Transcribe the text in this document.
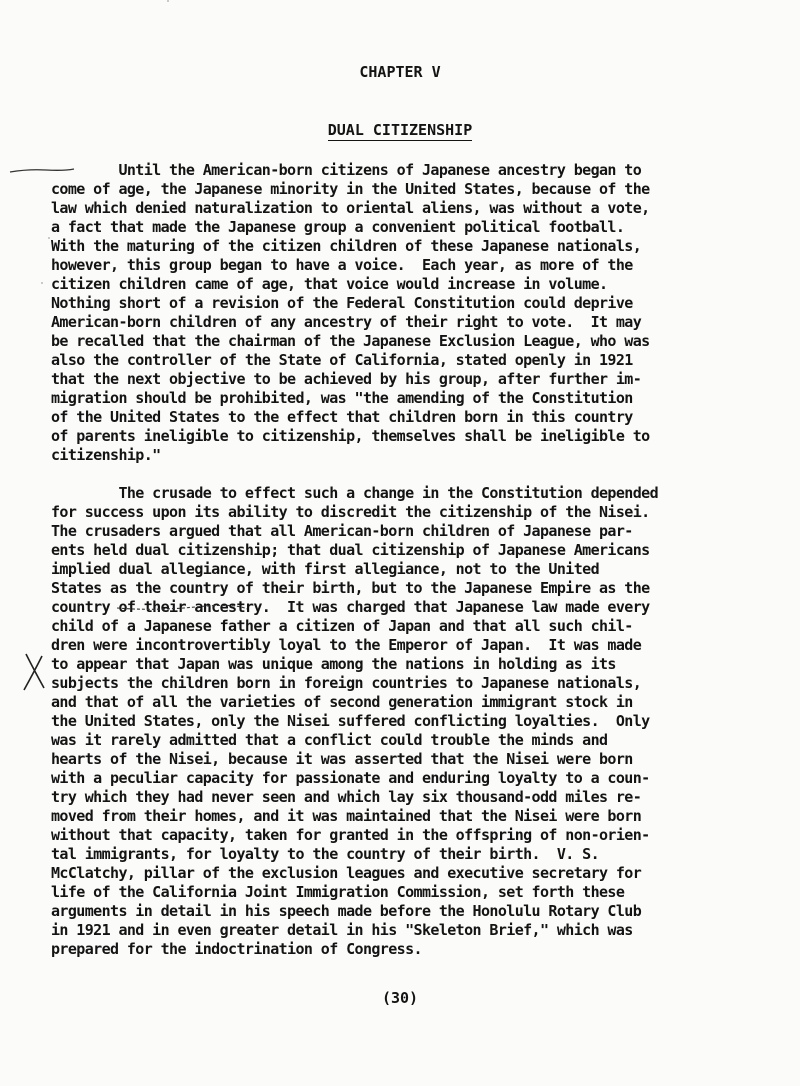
CHAPTER V
DUAL CITIZENSHIP
Until the American-born citizens of Japanese ancestry began to
come of age, the Japanese minority in the United States, because of the
law which denied naturalization to oriental aliens, was without a vote,
a fact that made the Japanese group a convenient political football.
With the maturing of the citizen children of these Japanese nationals,
however, this group began to have a voice.  Each year, as more of the
citizen children came of age, that voice would increase in volume.
Nothing short of a revision of the Federal Constitution could deprive
American-born children of any ancestry of their right to vote.  It may
be recalled that the chairman of the Japanese Exclusion League, who was
also the controller of the State of California, stated openly in 1921
that the next objective to be achieved by his group, after further im-
migration should be prohibited, was "the amending of the Constitution
of the United States to the effect that children born in this country
of parents ineligible to citizenship, themselves shall be ineligible to
citizenship."
The crusade to effect such a change in the Constitution depended
for success upon its ability to discredit the citizenship of the Nisei.
The crusaders argued that all American-born children of Japanese par-
ents held dual citizenship; that dual citizenship of Japanese Americans
implied dual allegiance, with first allegiance, not to the United
States as the country of their birth, but to the Japanese Empire as the
country of their ancestry.  It was charged that Japanese law made every
child of a Japanese father a citizen of Japan and that all such chil-
dren were incontrovertibly loyal to the Emperor of Japan.  It was made
to appear that Japan was unique among the nations in holding as its
subjects the children born in foreign countries to Japanese nationals,
and that of all the varieties of second generation immigrant stock in
the United States, only the Nisei suffered conflicting loyalties.  Only
was it rarely admitted that a conflict could trouble the minds and
hearts of the Nisei, because it was asserted that the Nisei were born
with a peculiar capacity for passionate and enduring loyalty to a coun-
try which they had never seen and which lay six thousand-odd miles re-
moved from their homes, and it was maintained that the Nisei were born
without that capacity, taken for granted in the offspring of non-orien-
tal immigrants, for loyalty to the country of their birth.  V. S.
McClatchy, pillar of the exclusion leagues and executive secretary for
life of the California Joint Immigration Commission, set forth these
arguments in detail in his speech made before the Honolulu Rotary Club
in 1921 and in even greater detail in his "Skeleton Brief," which was
prepared for the indoctrination of Congress.
(30)
